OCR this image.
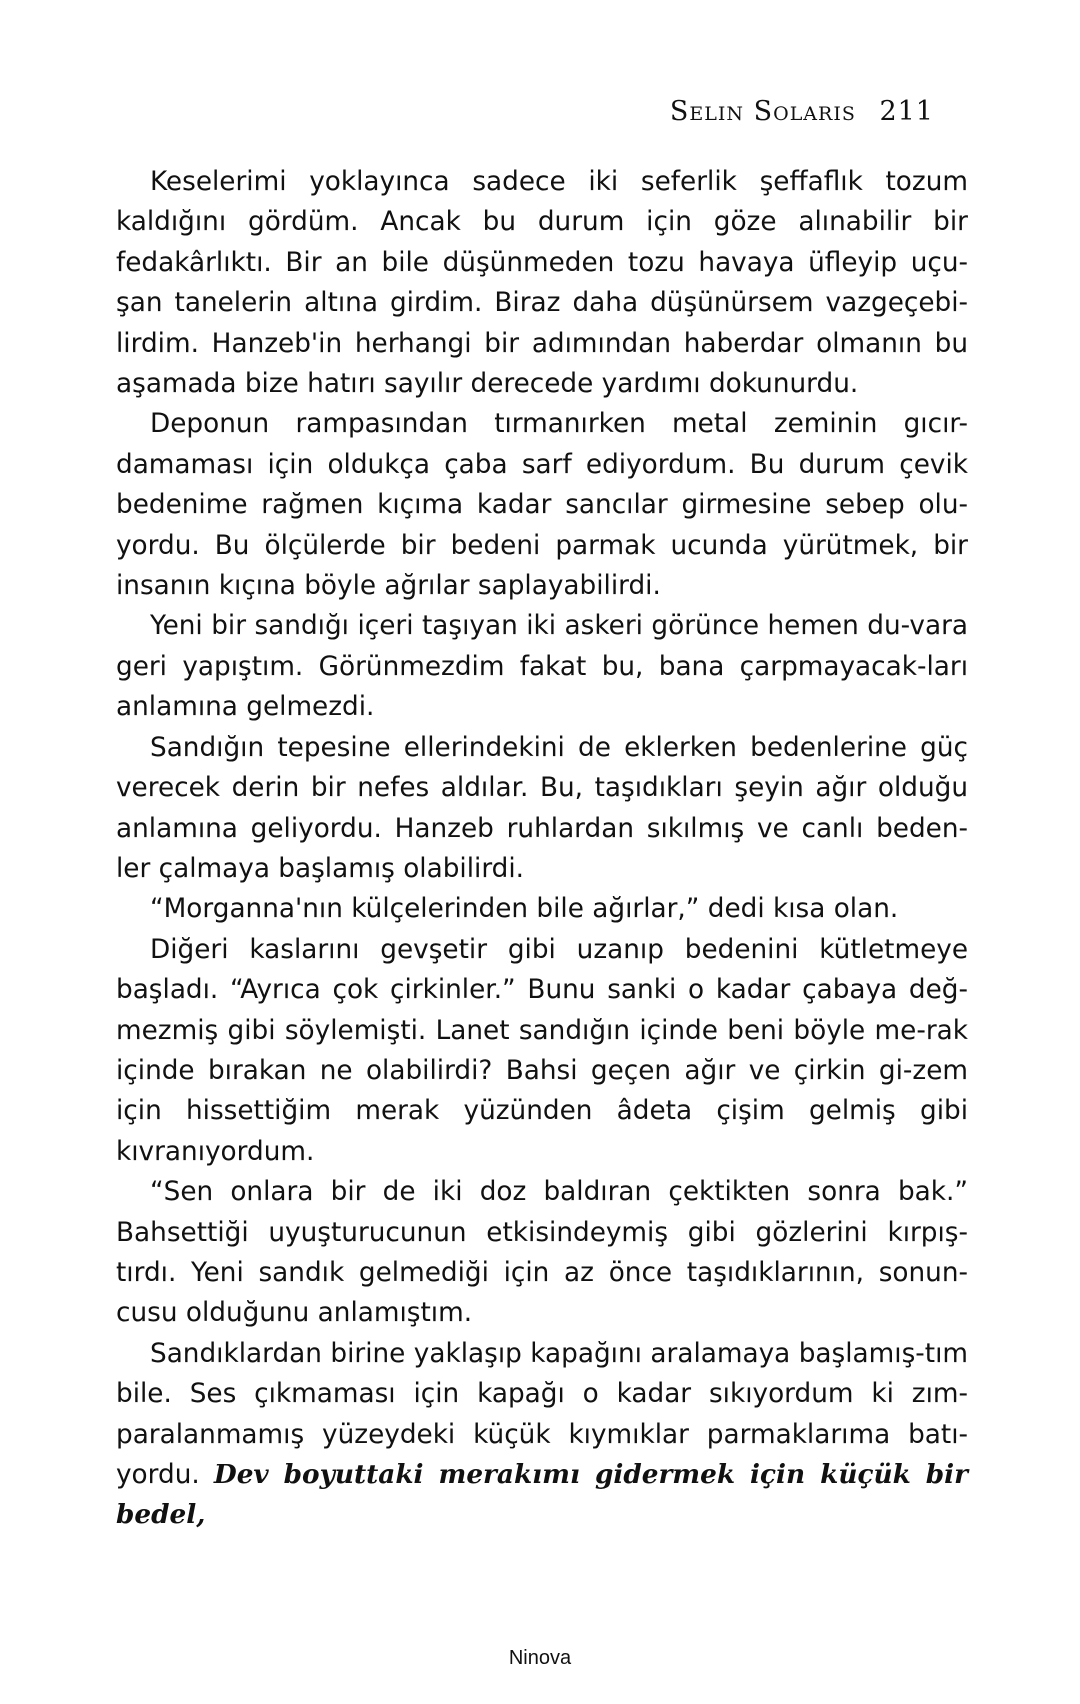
Selin Solaris 211

Keselerimi yoklayınca sadece iki seferlik şeffaflık tozum kaldığını gördüm. Ancak bu durum için göze alınabilir bir fedakârlıktı. Bir an bile düşünmeden tozu havaya üfleyip uçu-şan tanelerin altına girdim. Biraz daha düşünürsem vazgeçebi-lirdim. Hanzeb'in herhangi bir adımından haberdar olmanın bu aşamada bize hatırı sayılır derecede yardımı dokunurdu.

Deponun rampasından tırmanırken metal zeminin gıcır-damaması için oldukça çaba sarf ediyordum. Bu durum çevik bedenime rağmen kıçıma kadar sancılar girmesine sebep olu-yordu. Bu ölçülerde bir bedeni parmak ucunda yürütmek, bir insanın kıçına böyle ağrılar saplayabilirdi.

Yeni bir sandığı içeri taşıyan iki askeri görünce hemen du-vara geri yapıştım. Görünmezdim fakat bu, bana çarpmayacak-ları anlamına gelmezdi.

Sandığın tepesine ellerindekini de eklerken bedenlerine güç verecek derin bir nefes aldılar. Bu, taşıdıkları şeyin ağır olduğu anlamına geliyordu. Hanzeb ruhlardan sıkılmış ve canlı beden-ler çalmaya başlamış olabilirdi.

“Morganna'nın külçelerinden bile ağırlar,” dedi kısa olan.

Diğeri kaslarını gevşetir gibi uzanıp bedenini kütletmeye başladı. “Ayrıca çok çirkinler.” Bunu sanki o kadar çabaya değ-mezmiş gibi söylemişti. Lanet sandığın içinde beni böyle me-rak içinde bırakan ne olabilirdi? Bahsi geçen ağır ve çirkin gi-zem için hissettiğim merak yüzünden âdeta çişim gelmiş gibi kıvranıyordum.

“Sen onlara bir de iki doz baldıran çektikten sonra bak.” Bahsettiği uyuşturucunun etkisindeymiş gibi gözlerini kırpış-tırdı. Yeni sandık gelmediği için az önce taşıdıklarının, sonun-cusu olduğunu anlamıştım.

Sandıklardan birine yaklaşıp kapağını aralamaya başlamış-tım bile. Ses çıkmaması için kapağı o kadar sıkıyordum ki zım-paralanmamış yüzeydeki küçük kıymıklar parmaklarıma batı-yordu. Dev boyuttaki merakımı gidermek için küçük bir bedel,

Ninova
